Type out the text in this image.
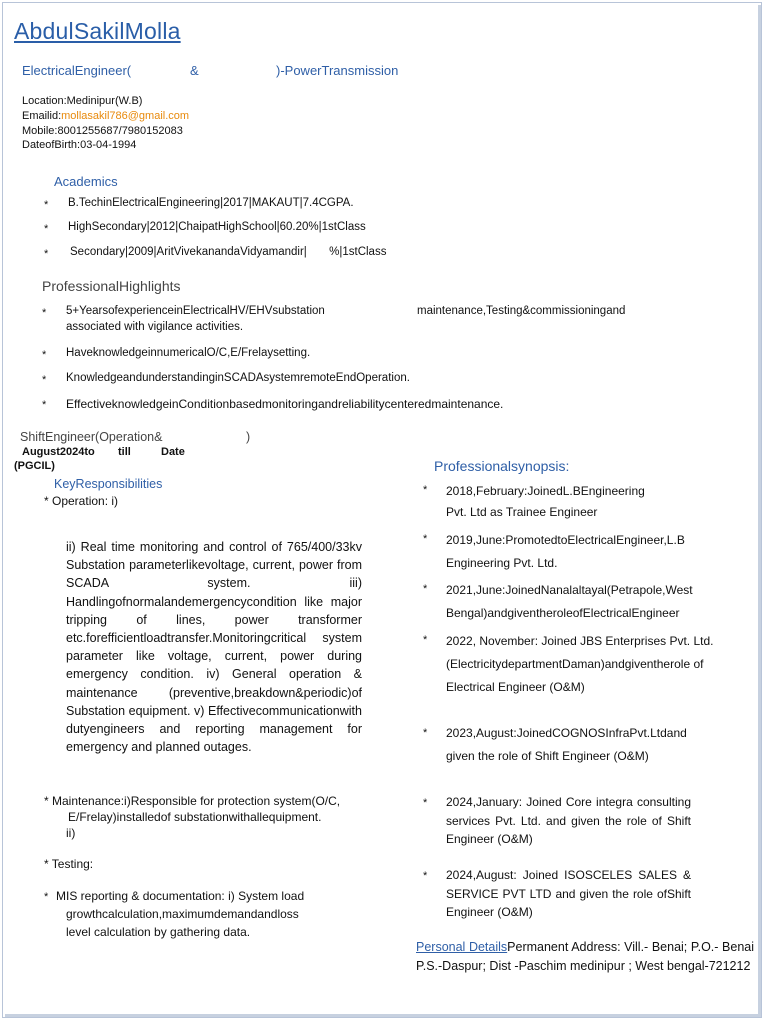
AbdulSakilMolla
ElectricalEngineer(	&	)-PowerTransmission
Location:Medinipur(W.B)
Emailid:mollasakil786@gmail.com
Mobile:8001255687/7980152083
DateofBirth:03-04-1994
Academics
* B.TechinElectricalEngineering|2017|MAKAUT|7.4CGPA.
* HighSecondary|2012|ChaipatHighSchool|60.20%|1stClass
* Secondary|2009|AritVivekanandaVidyamandir|       %|1stClass
ProfessionalHighlights
* 5+YearsofexperienceinElectricalHV/EHVsubstation	maintenance,Testing&commissioningand
associated with vigilance activities.
* HaveknowledgeinnumericalO/C,E/Frelaysetting.
* KnowledgeandunderstandinginSCADAsystemremoteEndOperation.
* EffectiveknowledgeinConditionbasedmonitoringandreliabilitycenteredmaintenance.
ShiftEngineer(Operation&	)
August2024to till	Date
(PGCIL)
KeyResponsibilities
* Operation: i)
ii) Real time monitoring and control of 765/400/33kv Substation parameterlikevoltage, current, power from SCADA system. iii) Handlingofnormalandemergencycondition like major tripping of lines, power transformer etc.forefficientloadtransfer.Monitoringcritical system parameter like voltage, current, power during emergency condition. iv) General operation & maintenance (preventive,breakdown&periodic)of Substation equipment. v) Effectivecommunicationwith dutyengineers and reporting management for emergency and planned outages.
* Maintenance:i)Responsible for protection system(O/C,
E/Frelay)installedof substationwithallequipment.
ii)
* Testing:
* MIS reporting & documentation: i) System load
growthcalculation,maximumdemandandloss
level calculation by gathering data.
Professionalsynopsis:
* 2018,February:JoinedL.BEngineering Pvt. Ltd as Trainee Engineer
* 2019,June:PromotedtoElectricalEngineer,L.B Engineering Pvt. Ltd.
* 2021,June:JoinedNanalaltayal(Petrapole,West Bengal)andgiventheroleofElectricalEngineer
* 2022, November: Joined JBS Enterprises Pvt. Ltd. (ElectricitydepartmentDaman)andgiventherole of Electrical Engineer (O&M)
* 2023,August:JoinedCOGNOSInfraPvt.Ltdand given the role of Shift Engineer (O&M)
* 2024,January: Joined Core integra consulting services Pvt. Ltd. and given the role of Shift Engineer (O&M)
* 2024,August: Joined ISOSCELES SALES & SERVICE PVT LTD and given the role ofShift Engineer (O&M)
Personal DetailsPermanent Address: Vill.- Benai; P.O.- Benai P.S.-Daspur; Dist -Paschim medinipur ; West bengal-721212
